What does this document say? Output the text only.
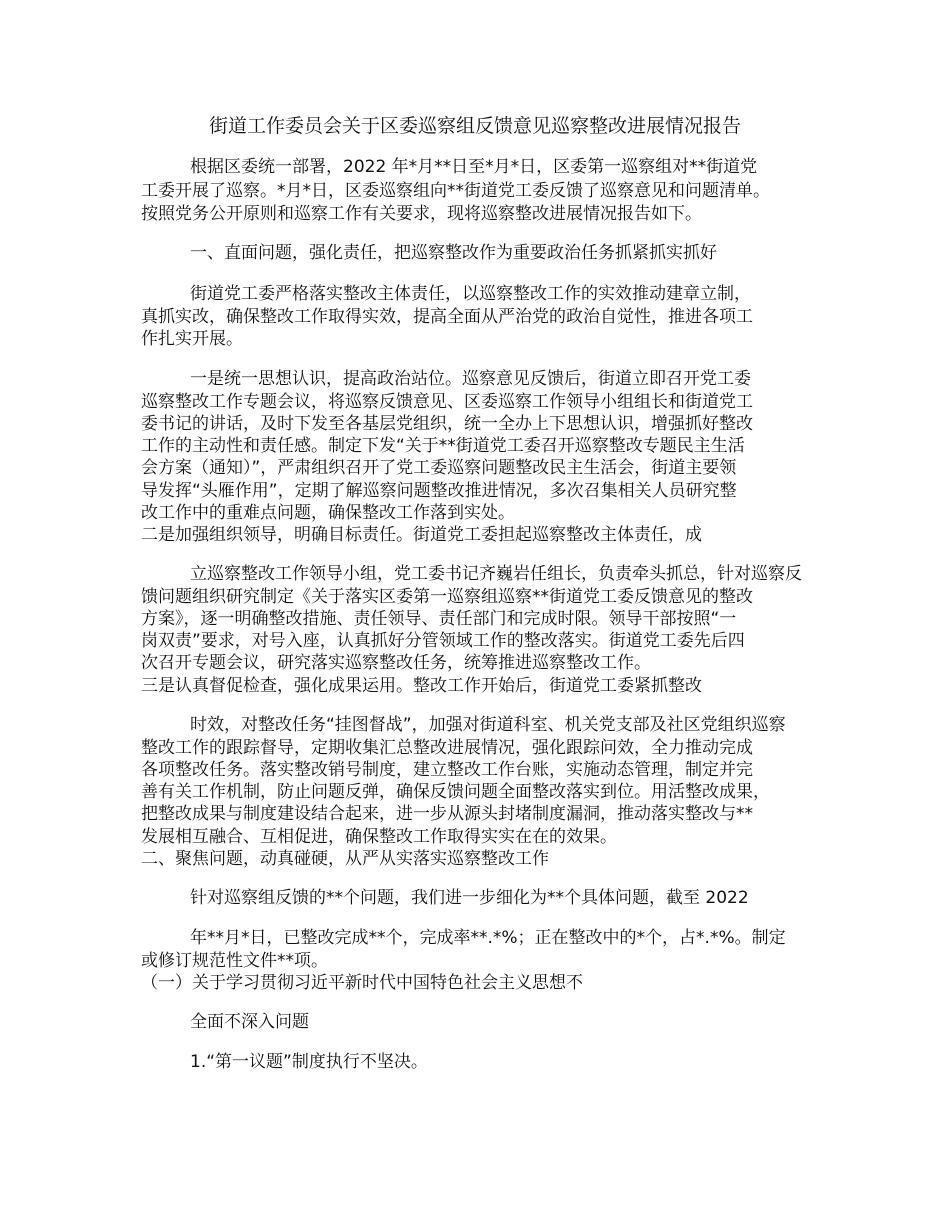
街道工作委员会关于区委巡察组反馈意见巡察整改进展情况报告
根据区委统一部署，2022 年*月**日至*月*日，区委第一巡察组对**街道党
工委开展了巡察。*月*日，区委巡察组向**街道党工委反馈了巡察意见和问题清单。
按照党务公开原则和巡察工作有关要求，现将巡察整改进展情况报告如下。
一、直面问题，强化责任，把巡察整改作为重要政治任务抓紧抓实抓好
街道党工委严格落实整改主体责任，以巡察整改工作的实效推动建章立制，
真抓实改，确保整改工作取得实效，提高全面从严治党的政治自觉性，推进各项工
作扎实开展。
一是统一思想认识，提高政治站位。巡察意见反馈后，街道立即召开党工委
巡察整改工作专题会议，将巡察反馈意见、区委巡察工作领导小组组长和街道党工
委书记的讲话，及时下发至各基层党组织，统一全办上下思想认识，增强抓好整改
工作的主动性和责任感。制定下发“关于**街道党工委召开巡察整改专题民主生活
会方案（通知）”，严肃组织召开了党工委巡察问题整改民主生活会，街道主要领
导发挥“头雁作用”，定期了解巡察问题整改推进情况，多次召集相关人员研究整
改工作中的重难点问题，确保整改工作落到实处。
二是加强组织领导，明确目标责任。街道党工委担起巡察整改主体责任，成
立巡察整改工作领导小组，党工委书记齐巍岩任组长，负责牵头抓总，针对巡察反
馈问题组织研究制定《关于落实区委第一巡察组巡察**街道党工委反馈意见的整改
方案》，逐一明确整改措施、责任领导、责任部门和完成时限。领导干部按照“一
岗双责”要求，对号入座，认真抓好分管领域工作的整改落实。街道党工委先后四
次召开专题会议，研究落实巡察整改任务，统筹推进巡察整改工作。
三是认真督促检查，强化成果运用。整改工作开始后，街道党工委紧抓整改
时效，对整改任务“挂图督战”，加强对街道科室、机关党支部及社区党组织巡察
整改工作的跟踪督导，定期收集汇总整改进展情况，强化跟踪问效，全力推动完成
各项整改任务。落实整改销号制度，建立整改工作台账，实施动态管理，制定并完
善有关工作机制，防止问题反弹，确保反馈问题全面整改落实到位。用活整改成果，
把整改成果与制度建设结合起来，进一步从源头封堵制度漏洞，推动落实整改与**
发展相互融合、互相促进，确保整改工作取得实实在在的效果。
二、聚焦问题，动真碰硬，从严从实落实巡察整改工作
针对巡察组反馈的**个问题，我们进一步细化为**个具体问题，截至 2022
年**月*日，已整改完成**个，完成率**.*%；正在整改中的*个，占*.*%。制定
或修订规范性文件**项。
（一）关于学习贯彻习近平新时代中国特色社会主义思想不
全面不深入问题
1.“第一议题”制度执行不坚决。
